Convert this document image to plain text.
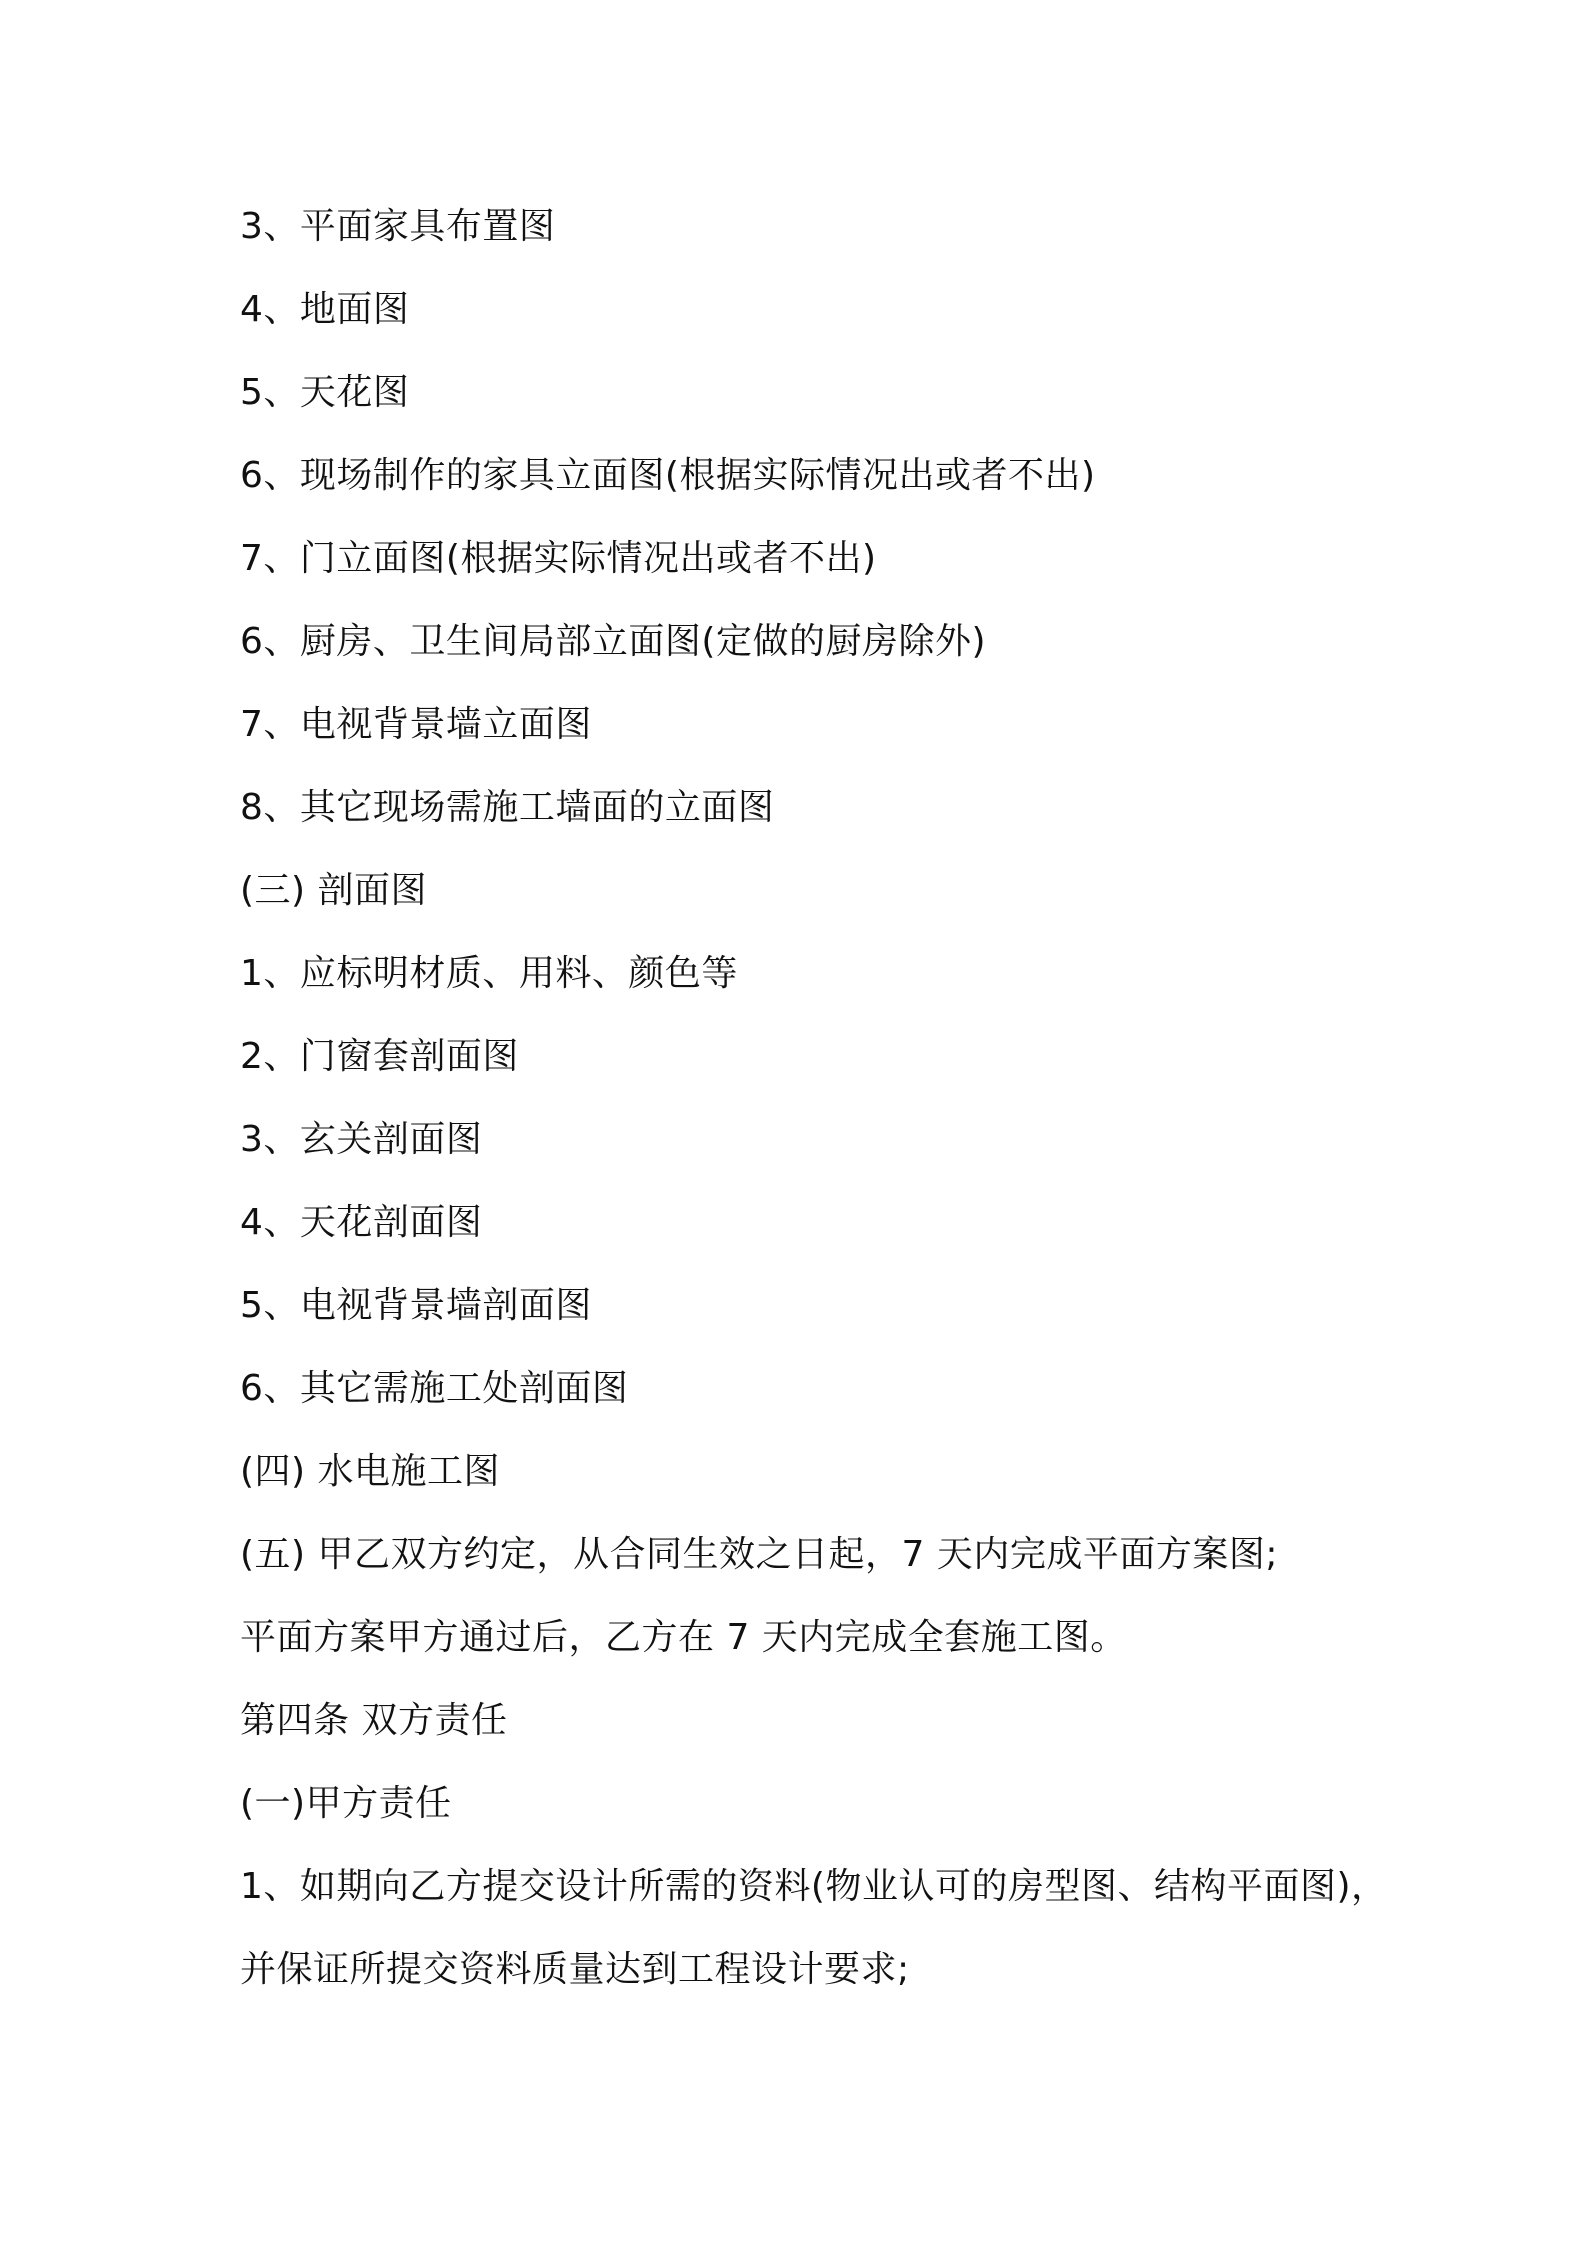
3、平面家具布置图

4、地面图

5、天花图

6、现场制作的家具立面图(根据实际情况出或者不出)

7、门立面图(根据实际情况出或者不出)

6、厨房、卫生间局部立面图(定做的厨房除外)

7、电视背景墙立面图

8、其它现场需施工墙面的立面图

(三) 剖面图

1、应标明材质、用料、颜色等

2、门窗套剖面图

3、玄关剖面图

4、天花剖面图

5、电视背景墙剖面图

6、其它需施工处剖面图

(四) 水电施工图

(五) 甲乙双方约定，从合同生效之日起，7 天内完成平面方案图;

平面方案甲方通过后，乙方在 7 天内完成全套施工图。

第四条 双方责任

(一)甲方责任

1、如期向乙方提交设计所需的资料(物业认可的房型图、结构平面图)，

并保证所提交资料质量达到工程设计要求;
